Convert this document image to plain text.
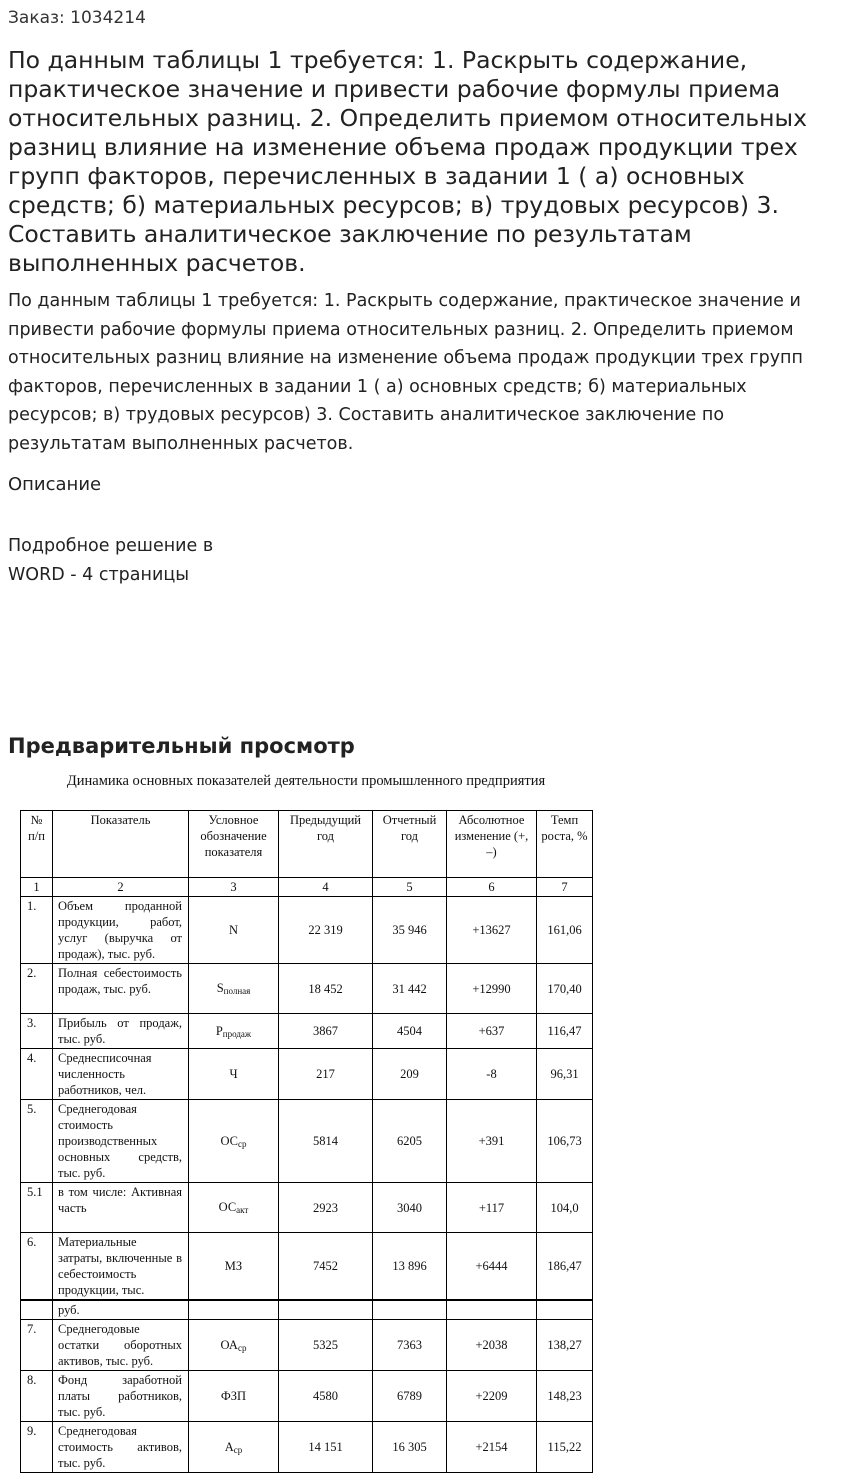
Заказ: 1034214
По данным таблицы 1 требуется: 1. Раскрыть содержание, практическое значение и привести рабочие формулы приема относительных разниц. 2. Определить приемом относительных разниц влияние на изменение объема продаж продукции трех групп факторов, перечисленных в задании 1 ( а) основных средств; б) материальных ресурсов; в) трудовых ресурсов) 3. Составить аналитическое заключение по результатам выполненных расчетов.
По данным таблицы 1 требуется: 1. Раскрыть содержание, практическое значение и привести рабочие формулы приема относительных разниц. 2. Определить приемом относительных разниц влияние на изменение объема продаж продукции трех групп факторов, перечисленных в задании 1 ( а) основных средств; б) материальных ресурсов; в) трудовых ресурсов) 3. Составить аналитическое заключение по результатам выполненных расчетов.
Описание
Подробное решение в
WORD - 4 страницы
Предварительный просмотр
Динамика основных показателей деятельности промышленного предприятия
№ п/п	Показатель	Условное обозначение показателя	Предыдущий год	Отчетный год	Абсолютное изменение (+, –)	Темп роста, %
1	2	3	4	5	6	7
1.	Объем проданной продукции, работ, услуг (выручка от продаж), тыс. руб.	N	22 319	35 946	+13627	161,06
2.	Полная себестоимость продаж, тыс. руб.	$S_{полная}$	18 452	31 442	+12990	170,40
3.	Прибыль от продаж, тыс. руб.	$P_{продаж}$	3867	4504	+637	116,47
4.	Среднесписочная численность работников, чел.	Ч	217	209	-8	96,31
5.	Среднегодовая стоимость производственных основных средств, тыс. руб.	$ОС_{ср}$	5814	6205	+391	106,73
5.1	в том числе: Активная часть	$ОС_{акт}$	2923	3040	+117	104,0
6.	Материальные затраты, включенные в себестоимость продукции, тыс.	МЗ	7452	13 896	+6444	186,47
	руб.					
7.	Среднегодовые остатки оборотных активов, тыс. руб.	$ОА_{ср}$	5325	7363	+2038	138,27
8.	Фонд заработной платы работников, тыс. руб.	ФЗП	4580	6789	+2209	148,23
9.	Среднегодовая стоимость активов, тыс. руб.	$А_{ср}$	14 151	16 305	+2154	115,22
